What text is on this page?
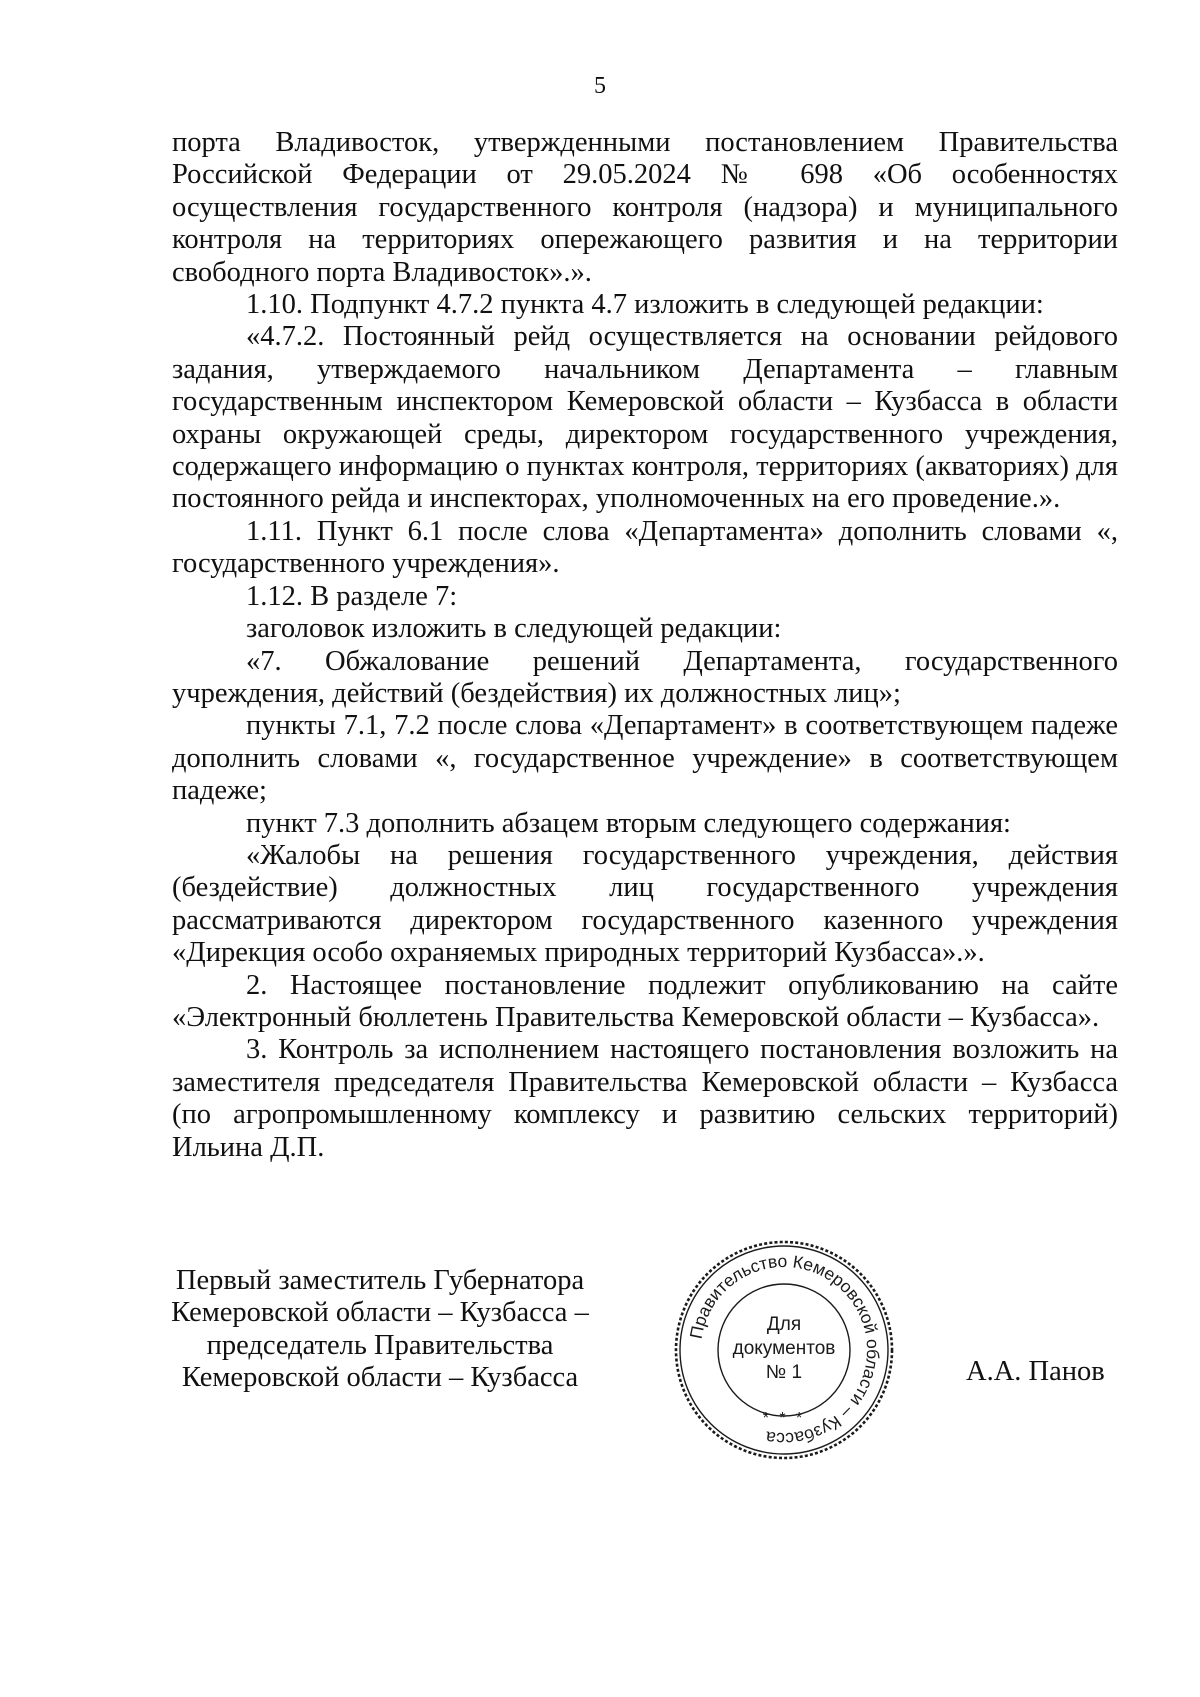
5

порта Владивосток, утвержденными постановлением Правительства Российской Федерации от 29.05.2024 № 698 «Об особенностях осуществления государственного контроля (надзора) и муниципального контроля на территориях опережающего развития и на территории свободного порта Владивосток».».

1.10. Подпункт 4.7.2 пункта 4.7 изложить в следующей редакции:

«4.7.2. Постоянный рейд осуществляется на основании рейдового задания, утверждаемого начальником Департамента – главным государственным инспектором Кемеровской области – Кузбасса в области охраны окружающей среды, директором государственного учреждения, содержащего информацию о пунктах контроля, территориях (акваториях) для постоянного рейда и инспекторах, уполномоченных на его проведение.».

1.11. Пункт 6.1 после слова «Департамента» дополнить словами «, государственного учреждения».

1.12. В разделе 7:

заголовок изложить в следующей редакции:

«7. Обжалование решений Департамента, государственного учреждения, действий (бездействия) их должностных лиц»;

пункты 7.1, 7.2 после слова «Департамент» в соответствующем падеже дополнить словами «, государственное учреждение» в соответствующем падеже;

пункт 7.3 дополнить абзацем вторым следующего содержания:

«Жалобы на решения государственного учреждения, действия (бездействие) должностных лиц государственного учреждения рассматриваются директором государственного казенного учреждения «Дирекция особо охраняемых природных территорий Кузбасса».».

2. Настоящее постановление подлежит опубликованию на сайте «Электронный бюллетень Правительства Кемеровской области – Кузбасса».

3. Контроль за исполнением настоящего постановления возложить на заместителя председателя Правительства Кемеровской области – Кузбасса (по агропромышленному комплексу и развитию сельских территорий) Ильина Д.П.

Первый заместитель Губернатора
Кемеровской области – Кузбасса –
председатель Правительства
Кемеровской области – Кузбасса
Правительство Кемеровской области – Кузбасса
* * *
Для
документов
№ 1	А.А. Панов
